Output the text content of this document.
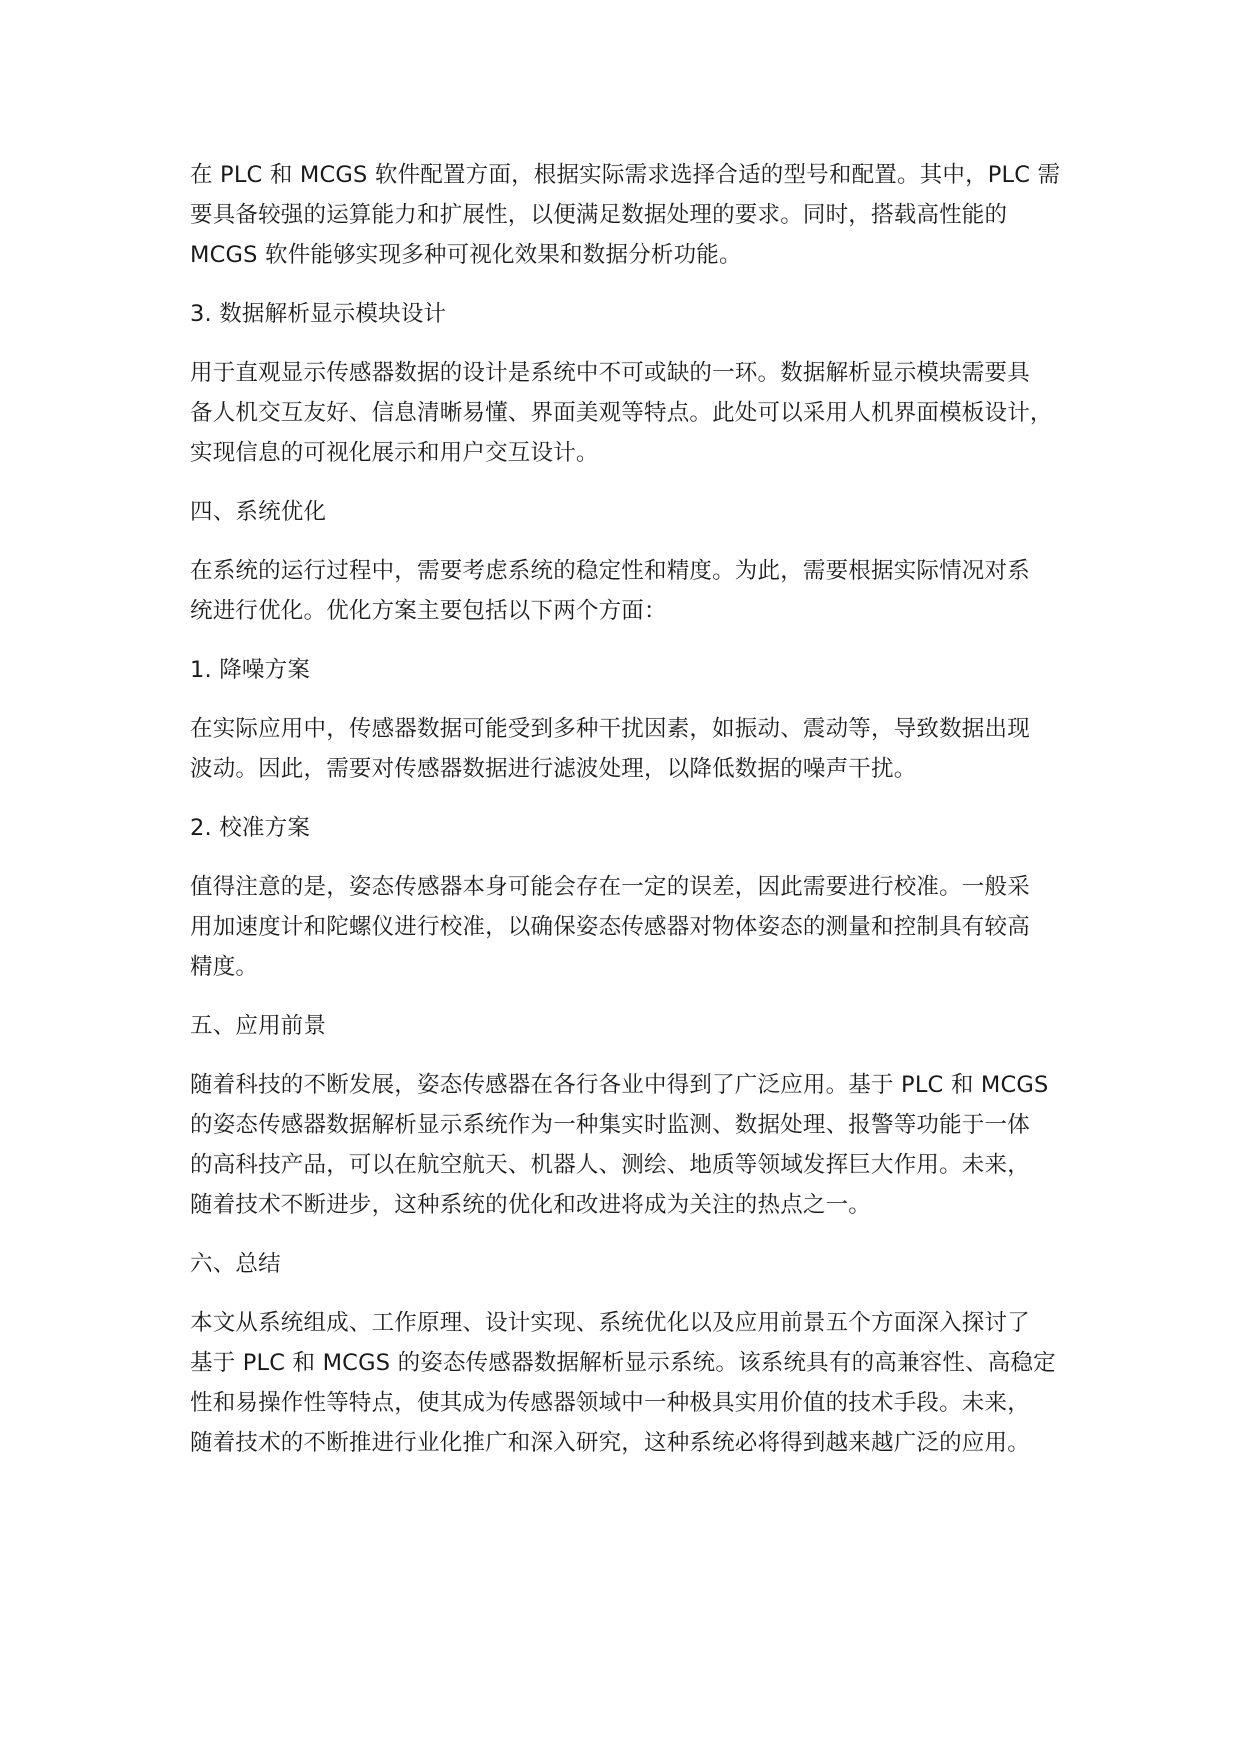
在 PLC 和 MCGS 软件配置方面，根据实际需求选择合适的型号和配置。其中，PLC 需
要具备较强的运算能力和扩展性，以便满足数据处理的要求。同时，搭载高性能的
MCGS 软件能够实现多种可视化效果和数据分析功能。

3. 数据解析显示模块设计

用于直观显示传感器数据的设计是系统中不可或缺的一环。数据解析显示模块需要具
备人机交互友好、信息清晰易懂、界面美观等特点。此处可以采用人机界面模板设计，
实现信息的可视化展示和用户交互设计。

四、系统优化

在系统的运行过程中，需要考虑系统的稳定性和精度。为此，需要根据实际情况对系
统进行优化。优化方案主要包括以下两个方面：

1. 降噪方案

在实际应用中，传感器数据可能受到多种干扰因素，如振动、震动等，导致数据出现
波动。因此，需要对传感器数据进行滤波处理，以降低数据的噪声干扰。

2. 校准方案

值得注意的是，姿态传感器本身可能会存在一定的误差，因此需要进行校准。一般采
用加速度计和陀螺仪进行校准，以确保姿态传感器对物体姿态的测量和控制具有较高
精度。

五、应用前景

随着科技的不断发展，姿态传感器在各行各业中得到了广泛应用。基于 PLC 和 MCGS
的姿态传感器数据解析显示系统作为一种集实时监测、数据处理、报警等功能于一体
的高科技产品，可以在航空航天、机器人、测绘、地质等领域发挥巨大作用。未来，
随着技术不断进步，这种系统的优化和改进将成为关注的热点之一。

六、总结

本文从系统组成、工作原理、设计实现、系统优化以及应用前景五个方面深入探讨了
基于 PLC 和 MCGS 的姿态传感器数据解析显示系统。该系统具有的高兼容性、高稳定
性和易操作性等特点，使其成为传感器领域中一种极具实用价值的技术手段。未来，
随着技术的不断推进行业化推广和深入研究，这种系统必将得到越来越广泛的应用。
